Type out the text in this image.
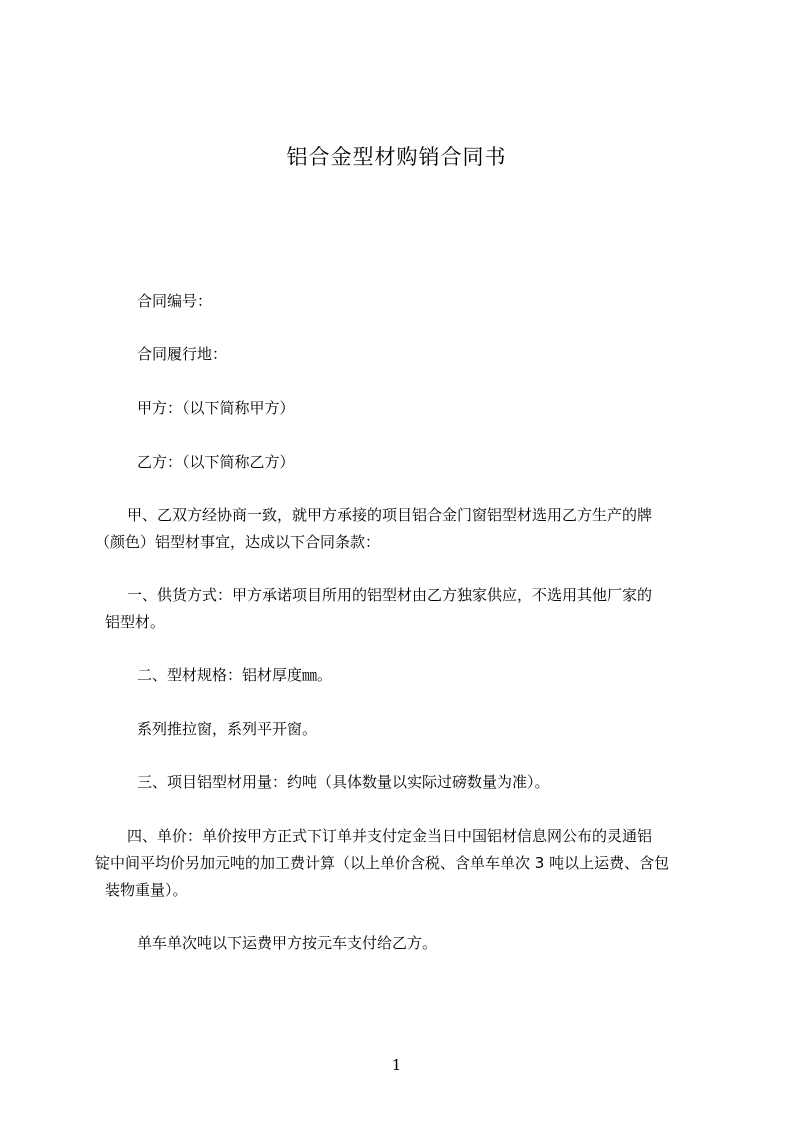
铝合金型材购销合同书
合同编号：
合同履行地：
甲方：（以下简称甲方）
乙方：（以下简称乙方）
甲、乙双方经协商一致，就甲方承接的项目铝合金门窗铝型材选用乙方生产的牌
（颜色）铝型材事宜，达成以下合同条款：
一、供货方式：甲方承诺项目所用的铝型材由乙方独家供应，不选用其他厂家的
铝型材。
二、型材规格：铝材厚度㎜。
系列推拉窗，系列平开窗。
三、项目铝型材用量：约吨（具体数量以实际过磅数量为准）。
四、单价：单价按甲方正式下订单并支付定金当日中国铝材信息网公布的灵通铝
锭中间平均价另加元吨的加工费计算（以上单价含税、含单车单次 3 吨以上运费、含包
装物重量）。
单车单次吨以下运费甲方按元车支付给乙方。
1
